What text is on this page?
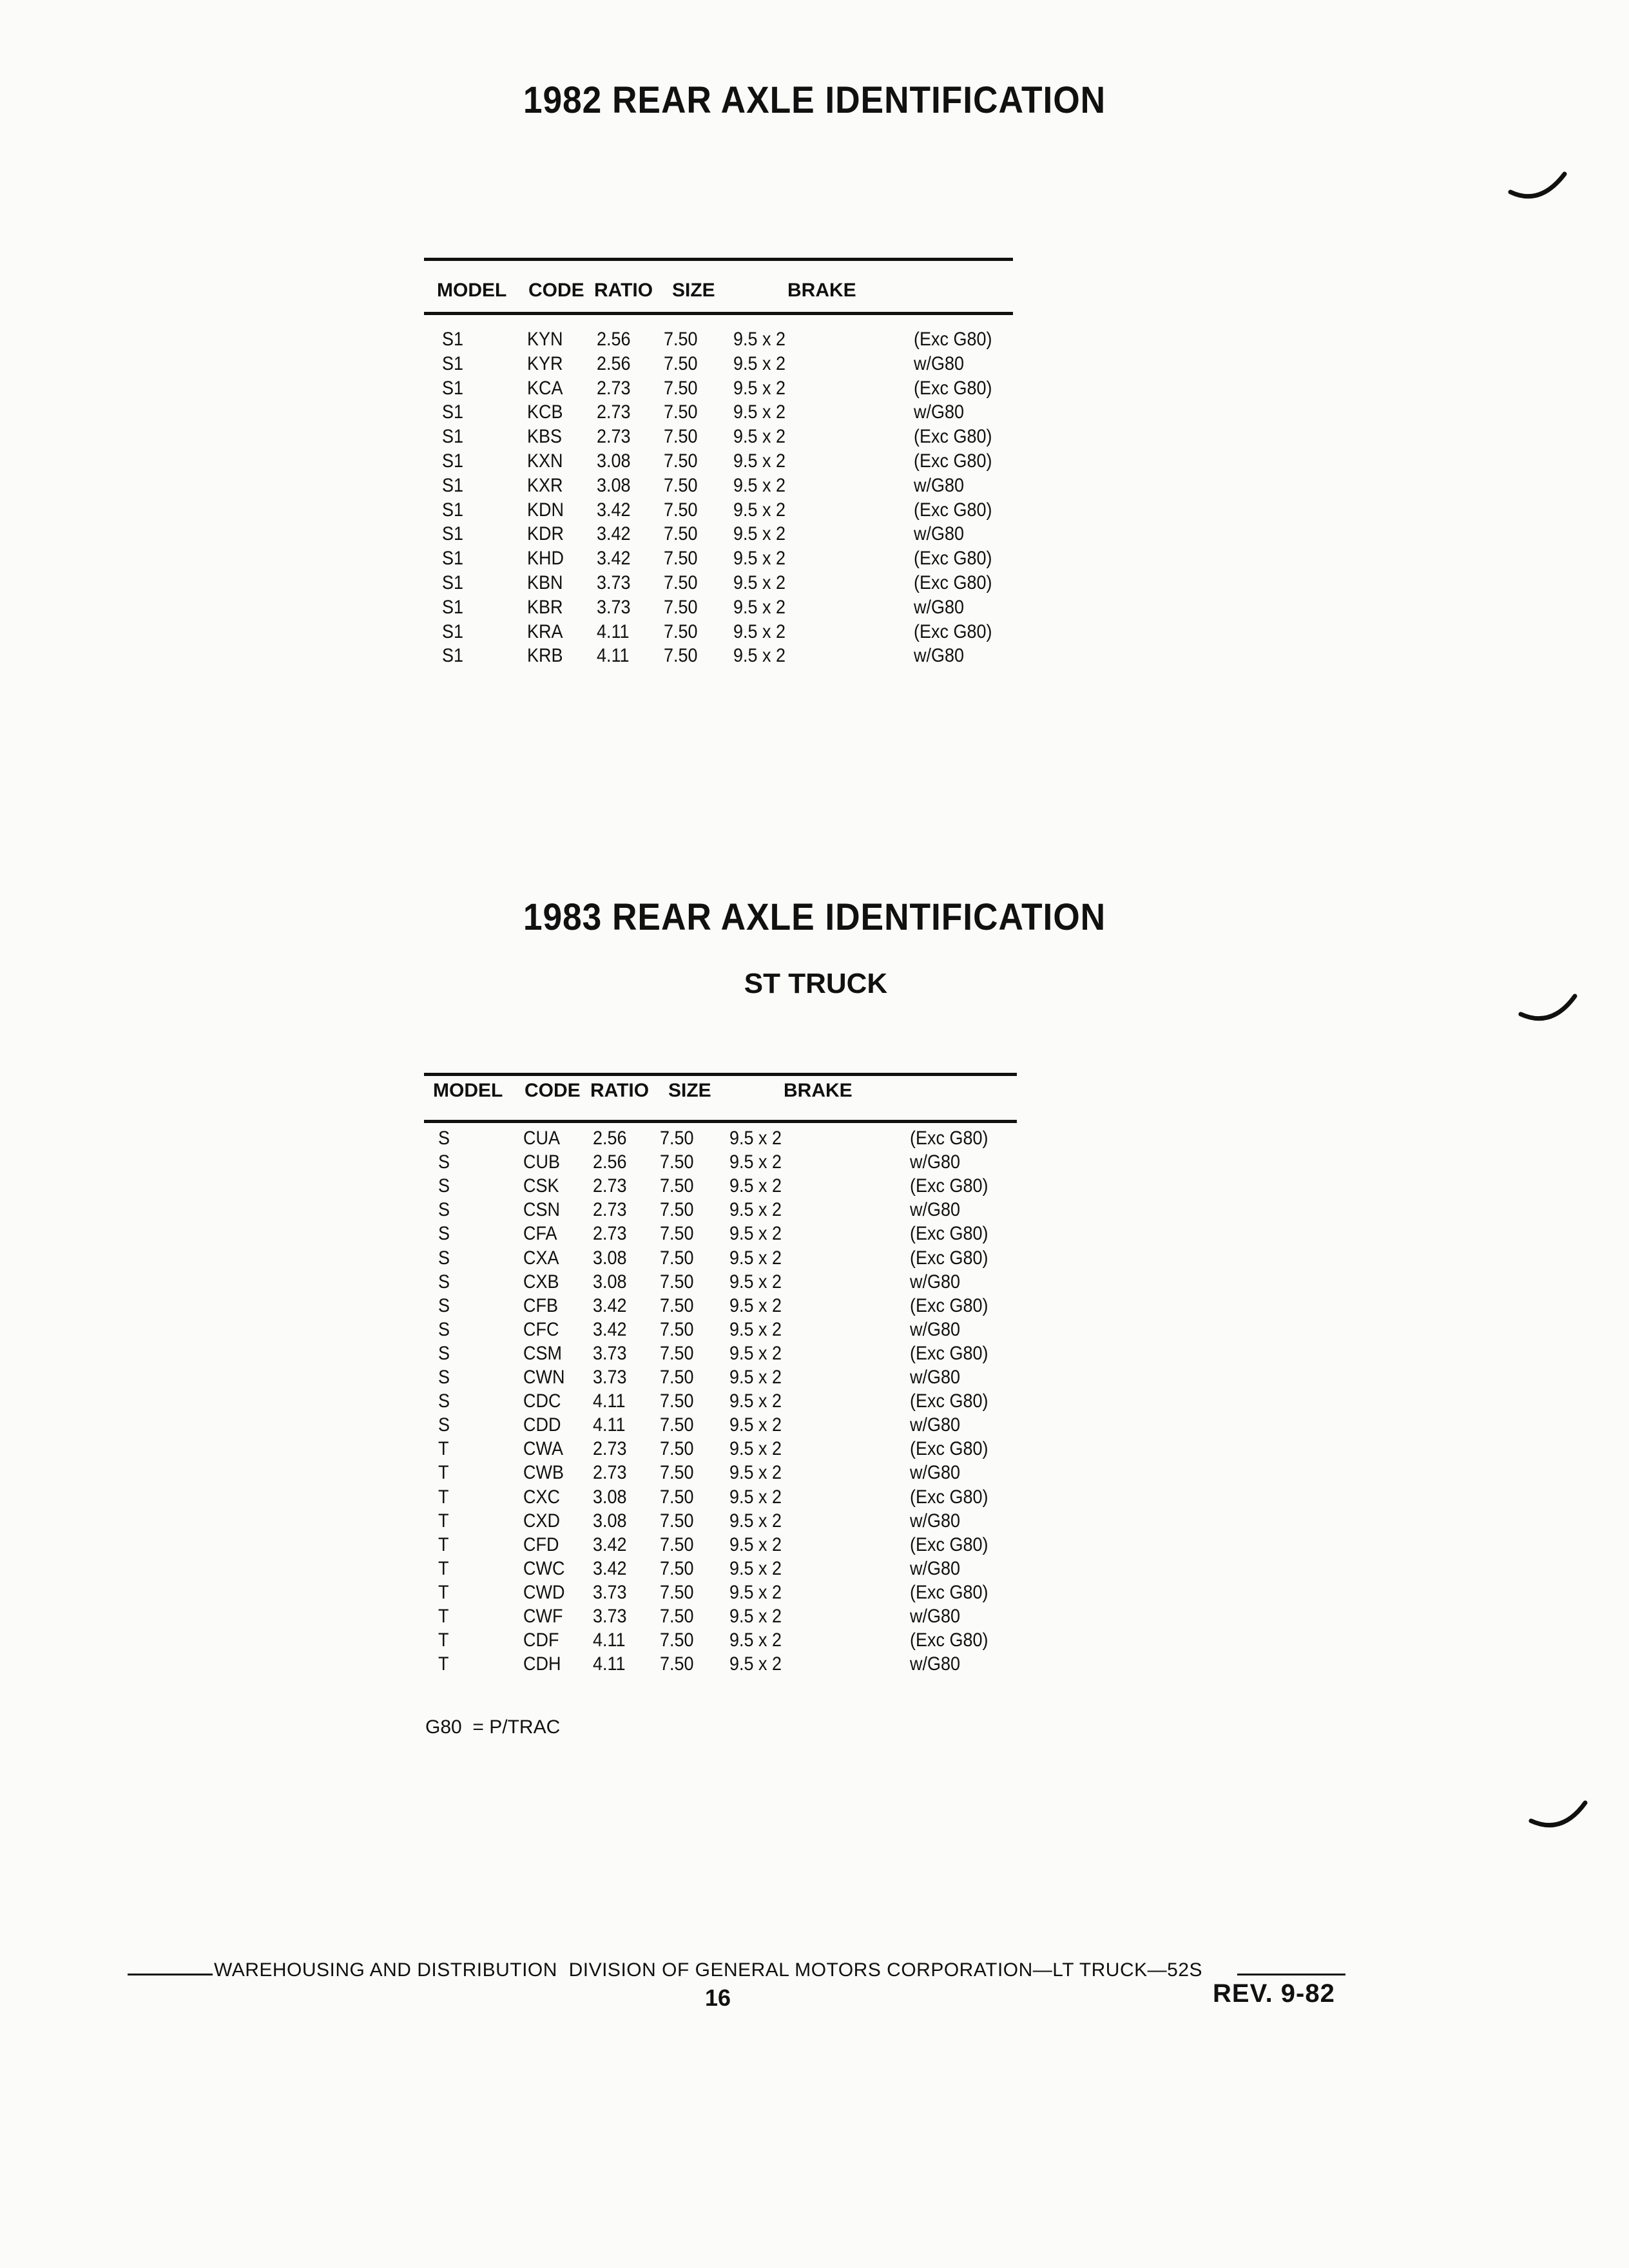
1982 REAR AXLE IDENTIFICATION
MODEL CODE RATIO SIZE	BRAKE
S1	KYN 2.56 7.50 9.5 x 2	(Exc G80)
S1	KYR 2.56 7.50 9.5 x 2	w/G80
S1	KCA 2.73 7.50 9.5 x 2	(Exc G80)
S1	KCB 2.73 7.50 9.5 x 2	w/G80
S1	KBS 2.73 7.50 9.5 x 2	(Exc G80)
S1	KXN 3.08 7.50 9.5 x 2	(Exc G80)
S1	KXR 3.08 7.50 9.5 x 2	w/G80
S1	KDN 3.42 7.50 9.5 x 2	(Exc G80)
S1	KDR 3.42 7.50 9.5 x 2	w/G80
S1	KHD 3.42 7.50 9.5 x 2	(Exc G80)
S1	KBN 3.73 7.50 9.5 x 2	(Exc G80)
S1	KBR 3.73 7.50 9.5 x 2	w/G80
S1	KRA 4.11 7.50 9.5 x 2	(Exc G80)
S1	KRB 4.11 7.50 9.5 x 2	w/G80
1983 REAR AXLE IDENTIFICATION
ST TRUCK
MODEL CODE RATIO SIZE	BRAKE
S	CUA 2.56 7.50 9.5 x 2	(Exc G80)
S	CUB 2.56 7.50 9.5 x 2	w/G80
S	CSK 2.73 7.50 9.5 x 2	(Exc G80)
S	CSN 2.73 7.50 9.5 x 2	w/G80
S	CFA 2.73 7.50 9.5 x 2	(Exc G80)
S	CXA 3.08 7.50 9.5 x 2	(Exc G80)
S	CXB 3.08 7.50 9.5 x 2	w/G80
S	CFB 3.42 7.50 9.5 x 2	(Exc G80)
S	CFC 3.42 7.50 9.5 x 2	w/G80
S	CSM 3.73 7.50 9.5 x 2	(Exc G80)
S	CWN 3.73 7.50 9.5 x 2	w/G80
S	CDC 4.11 7.50 9.5 x 2	(Exc G80)
S	CDD 4.11 7.50 9.5 x 2	w/G80
T	CWA 2.73 7.50 9.5 x 2	(Exc G80)
T	CWB 2.73 7.50 9.5 x 2	w/G80
T	CXC 3.08 7.50 9.5 x 2	(Exc G80)
T	CXD 3.08 7.50 9.5 x 2	w/G80
T	CFD 3.42 7.50 9.5 x 2	(Exc G80)
T	CWC 3.42 7.50 9.5 x 2	w/G80
T	CWD 3.73 7.50 9.5 x 2	(Exc G80)
T	CWF 3.73 7.50 9.5 x 2	w/G80
T	CDF 4.11 7.50 9.5 x 2	(Exc G80)
T	CDH 4.11 7.50 9.5 x 2	w/G80
G80  = P/TRAC
WAREHOUSING AND DISTRIBUTION  DIVISION OF GENERAL MOTORS CORPORATION—LT TRUCK—52S
16	REV. 9-82
